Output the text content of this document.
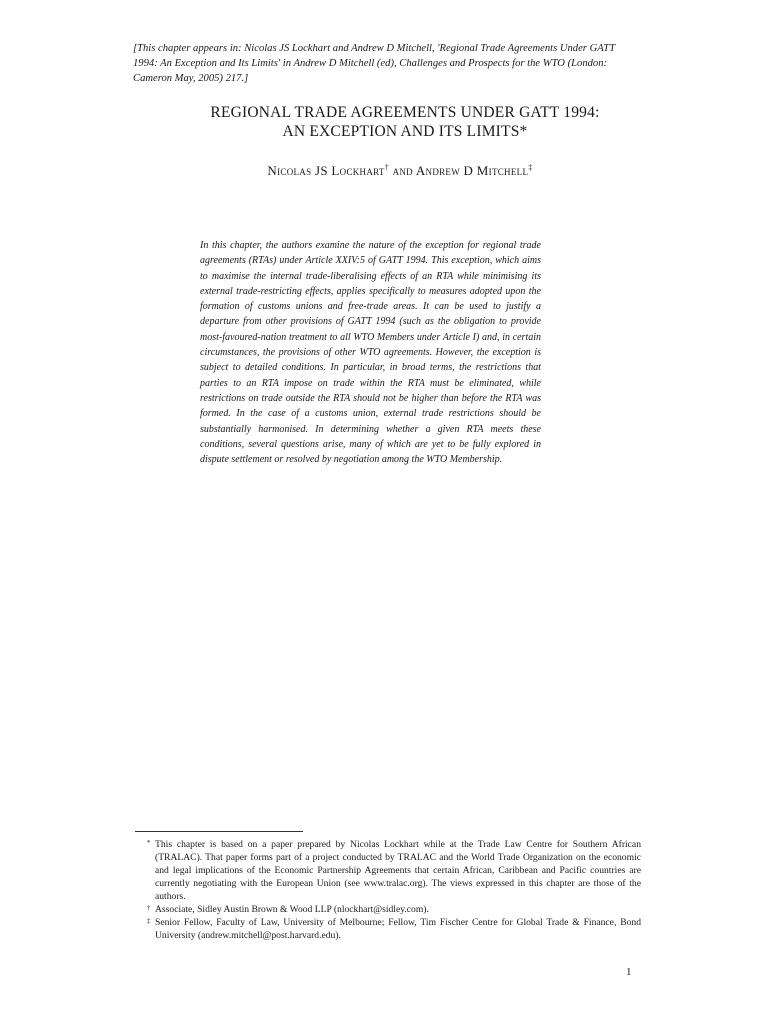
[This chapter appears in: Nicolas JS Lockhart and Andrew D Mitchell, 'Regional Trade Agreements Under GATT 1994: An Exception and Its Limits' in Andrew D Mitchell (ed), Challenges and Prospects for the WTO (London: Cameron May, 2005) 217.]
REGIONAL TRADE AGREEMENTS UNDER GATT 1994:
AN EXCEPTION AND ITS LIMITS*
Nicolas JS Lockhart† and Andrew D Mitchell‡
In this chapter, the authors examine the nature of the exception for regional trade agreements (RTAs) under Article XXIV:5 of GATT 1994. This exception, which aims to maximise the internal trade-liberalising effects of an RTA while minimising its external trade-restricting effects, applies specifically to measures adopted upon the formation of customs unions and free-trade areas. It can be used to justify a departure from other provisions of GATT 1994 (such as the obligation to provide most-favoured-nation treatment to all WTO Members under Article I) and, in certain circumstances, the provisions of other WTO agreements. However, the exception is subject to detailed conditions. In particular, in broad terms, the restrictions that parties to an RTA impose on trade within the RTA must be eliminated, while restrictions on trade outside the RTA should not be higher than before the RTA was formed. In the case of a customs union, external trade restrictions should be substantially harmonised. In determining whether a given RTA meets these conditions, several questions arise, many of which are yet to be fully explored in dispute settlement or resolved by negotiation among the WTO Membership.
* This chapter is based on a paper prepared by Nicolas Lockhart while at the Trade Law Centre for Southern African (TRALAC). That paper forms part of a project conducted by TRALAC and the World Trade Organization on the economic and legal implications of the Economic Partnership Agreements that certain African, Caribbean and Pacific countries are currently negotiating with the European Union (see www.tralac.org). The views expressed in this chapter are those of the authors.
† Associate, Sidley Austin Brown & Wood LLP (nlockhart@sidley.com).
‡ Senior Fellow, Faculty of Law, University of Melbourne; Fellow, Tim Fischer Centre for Global Trade & Finance, Bond University (andrew.mitchell@post.harvard.edu).
1
